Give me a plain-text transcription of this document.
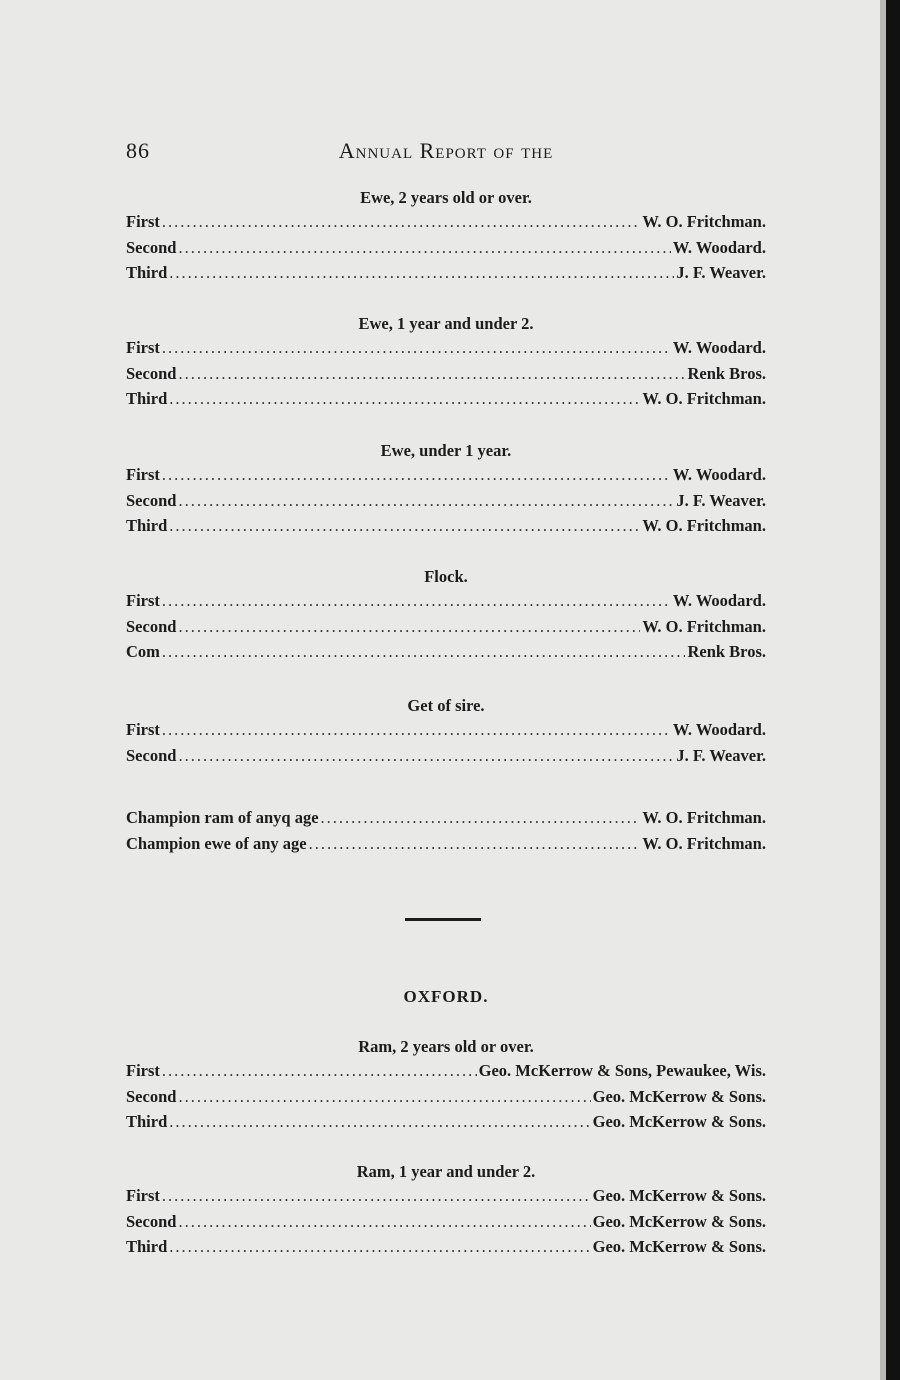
86	Annual Report of the
Ewe, 2 years old or over.
First .....	W. O. Fritchman.
Second .....	W. Woodard.
Third .....	J. F. Weaver.
Ewe, 1 year and under 2.
First .....	W. Woodard.
Second .....	Renk Bros.
Third .....	W. O. Fritchman.
Ewe, under 1 year.
First .....	W. Woodard.
Second .....	J. F. Weaver.
Third .....	W. O. Fritchman.
Flock.
First .....	W. Woodard.
Second .....	W. O. Fritchman.
Com .....	Renk Bros.
Get of sire.
First .....	W. Woodard.
Second .....	J. F. Weaver.
Champion ram of anyq age .....	W. O. Fritchman.
Champion ewe of any age .....	W. O. Fritchman.
OXFORD.
Ram, 2 years old or over.
First .....	Geo. McKerrow & Sons, Pewaukee, Wis.
Second .....	Geo. McKerrow & Sons.
Third .....	Geo. McKerrow & Sons.
Ram, 1 year and under 2.
First .....	Geo. McKerrow & Sons.
Second .....	Geo. McKerrow & Sons.
Third .....	Geo. McKerrow & Sons.
